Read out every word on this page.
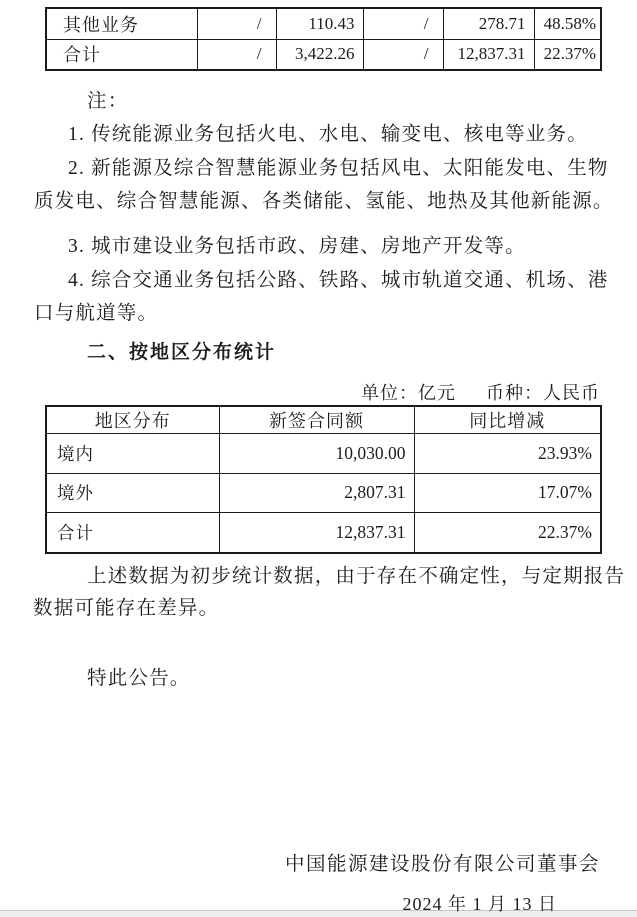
其他业务	/	110.43	/	278.71	48.58%
合计	/	3,422.26	/	12,837.31	22.37%
注：
1. 传统能源业务包括火电、水电、输变电、核电等业务。
2. 新能源及综合智慧能源业务包括风电、太阳能发电、生物
质发电、综合智慧能源、各类储能、氢能、地热及其他新能源。
3. 城市建设业务包括市政、房建、房地产开发等。
4. 综合交通业务包括公路、铁路、城市轨道交通、机场、港
口与航道等。
二、按地区分布统计
单位：亿元 币种：人民币
地区分布	新签合同额	同比增减
境内	10,030.00	23.93%
境外	2,807.31	17.07%
合计	12,837.31	22.37%
上述数据为初步统计数据，由于存在不确定性，与定期报告
数据可能存在差异。
特此公告。
中国能源建设股份有限公司董事会
2024 年 1 月 13 日
